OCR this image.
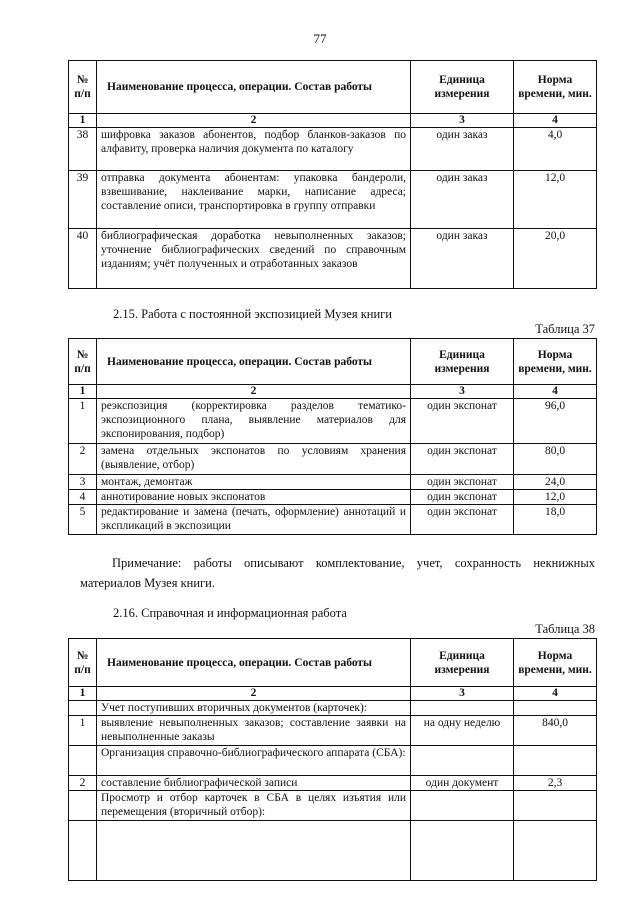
77
№ п/п	Наименование процесса, операции. Состав работы	Единица измерения	Норма времени, мин.
1	2	3	4
38	шифровка заказов абонентов, подбор бланков-заказов по алфавиту, проверка наличия документа по каталогу	один заказ	4,0
39	отправка документа абонентам: упаковка бандероли, взвешивание, наклеивание марки, написание адреса; составление описи, транспортировка в группу отправки	один заказ	12,0
40	библиографическая доработка невыполненных заказов; уточнение библиографических сведений по справочным изданиям; учёт полученных и отработанных заказов	один заказ	20,0
2.15. Работа с постоянной экспозицией Музея книги
Таблица 37
№ п/п	Наименование процесса, операции. Состав работы	Единица измерения	Норма времени, мин.
1	2	3	4
1	реэкспозиция (корректировка разделов тематико-экспозиционного плана, выявление материалов для экспонирования, подбор)	один экспонат	96,0
2	замена отдельных экспонатов по условиям хранения (выявление, отбор)	один экспонат	80,0
3	монтаж, демонтаж	один экспонат	24,0
4	аннотирование новых экспонатов	один экспонат	12,0
5	редактирование и замена (печать, оформление) аннотаций и экспликаций в экспозиции	один экспонат	18,0
Примечание: работы описывают комплектование, учет, сохранность некнижных материалов Музея книги.
2.16. Справочная и информационная работа
Таблица 38
№ п/п	Наименование процесса, операции. Состав работы	Единица измерения	Норма времени, мин.
1	2	3	4
	Учет поступивших вторичных документов (карточек):		
1	выявление невыполненных заказов; составление заявки на невыполненные заказы	на одну неделю	840,0
	Организация справочно-библиографического аппарата (СБА):		
2	составление библиографической записи	один документ	2,3
	Просмотр и отбор карточек в СБА в целях изъятия или перемещения (вторичный отбор):		
